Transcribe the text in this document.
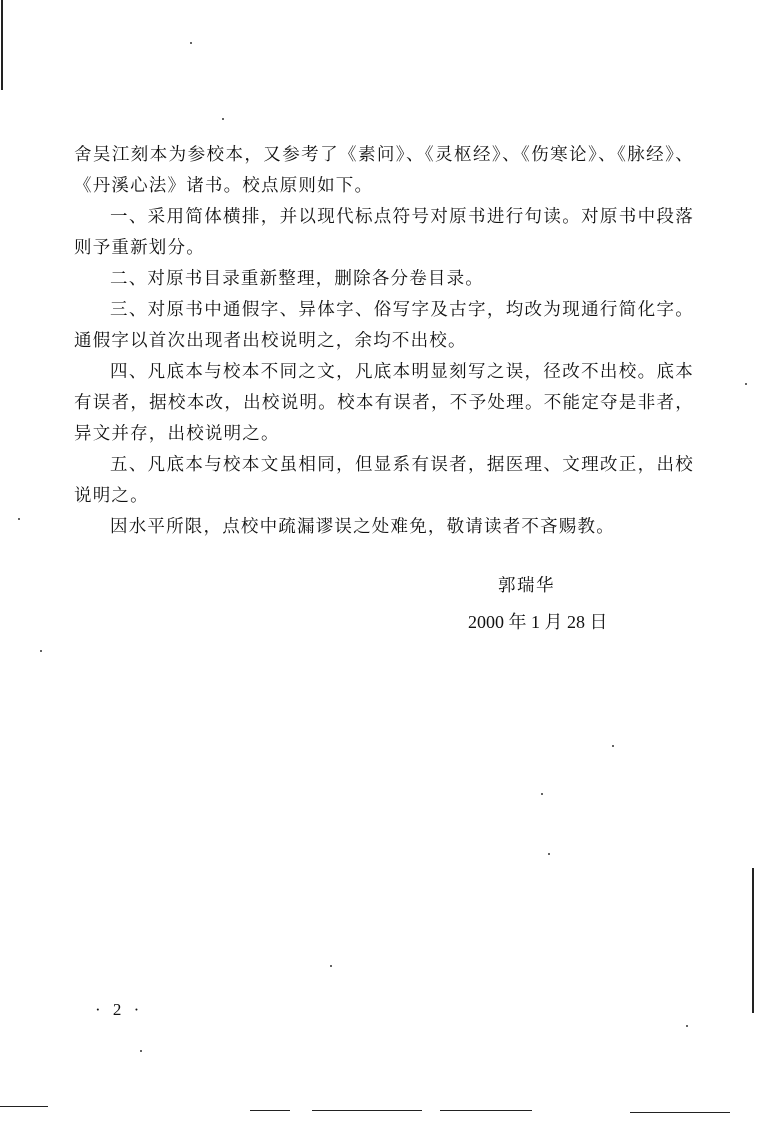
舍吴江刻本为参校本，又参考了《素问》、《灵枢经》、《伤寒论》、《脉经》、《丹溪心法》诸书。校点原则如下。

一、采用简体横排，并以现代标点符号对原书进行句读。对原书中段落则予重新划分。

二、对原书目录重新整理，删除各分卷目录。

三、对原书中通假字、异体字、俗写字及古字，均改为现通行简化字。通假字以首次出现者出校说明之，余均不出校。

四、凡底本与校本不同之文，凡底本明显刻写之误，径改不出校。底本有误者，据校本改，出校说明。校本有误者，不予处理。不能定夺是非者，异文并存，出校说明之。

五、凡底本与校本文虽相同，但显系有误者，据医理、文理改正，出校说明之。

因水平所限，点校中疏漏谬误之处难免，敬请读者不吝赐教。

郭瑞华
2000 年 1 月 28 日
· 2 ·
